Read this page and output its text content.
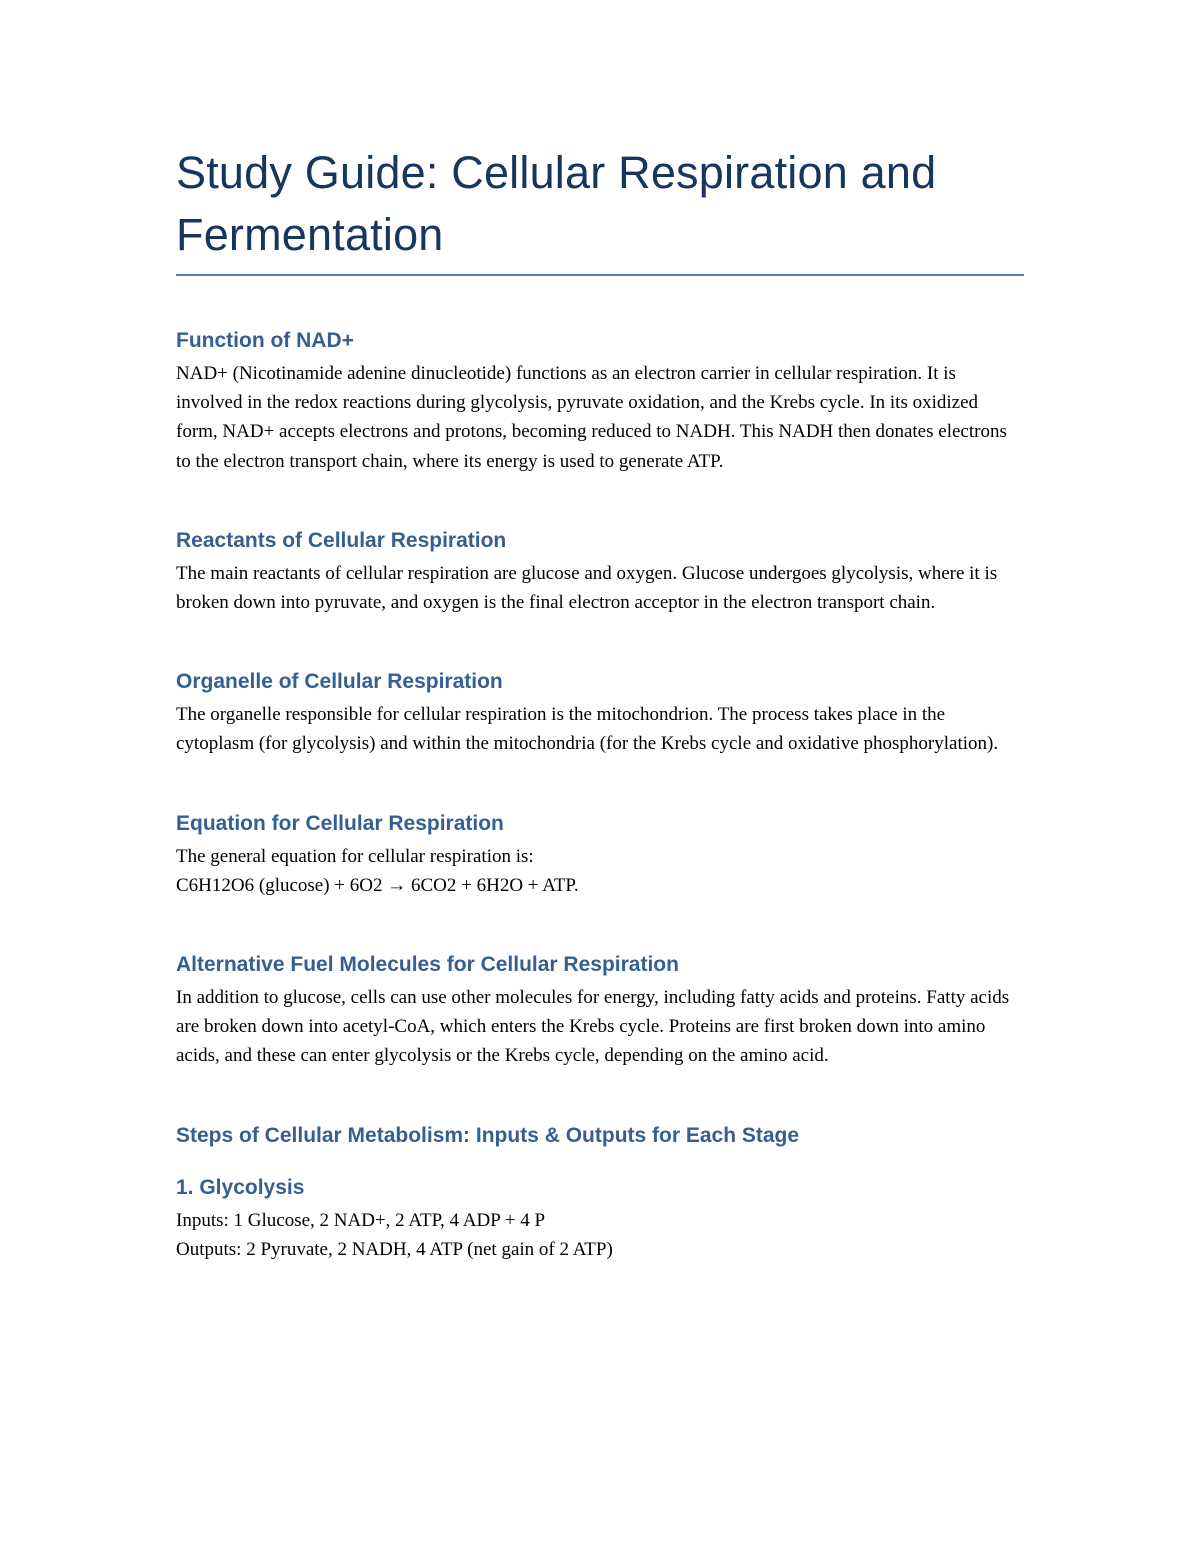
Study Guide: Cellular Respiration and Fermentation
Function of NAD+

NAD+ (Nicotinamide adenine dinucleotide) functions as an electron carrier in cellular respiration. It is involved in the redox reactions during glycolysis, pyruvate oxidation, and the Krebs cycle. In its oxidized form, NAD+ accepts electrons and protons, becoming reduced to NADH. This NADH then donates electrons to the electron transport chain, where its energy is used to generate ATP.

Reactants of Cellular Respiration

The main reactants of cellular respiration are glucose and oxygen. Glucose undergoes glycolysis, where it is broken down into pyruvate, and oxygen is the final electron acceptor in the electron transport chain.

Organelle of Cellular Respiration

The organelle responsible for cellular respiration is the mitochondrion. The process takes place in the cytoplasm (for glycolysis) and within the mitochondria (for the Krebs cycle and oxidative phosphorylation).

Equation for Cellular Respiration

The general equation for cellular respiration is:
C6H12O6 (glucose) + 6O2 → 6CO2 + 6H2O + ATP.

Alternative Fuel Molecules for Cellular Respiration

In addition to glucose, cells can use other molecules for energy, including fatty acids and proteins. Fatty acids are broken down into acetyl-CoA, which enters the Krebs cycle. Proteins are first broken down into amino acids, and these can enter glycolysis or the Krebs cycle, depending on the amino acid.

Steps of Cellular Metabolism: Inputs & Outputs for Each Stage
1. Glycolysis

Inputs: 1 Glucose, 2 NAD+, 2 ATP, 4 ADP + 4 P
Outputs: 2 Pyruvate, 2 NADH, 4 ATP (net gain of 2 ATP)
